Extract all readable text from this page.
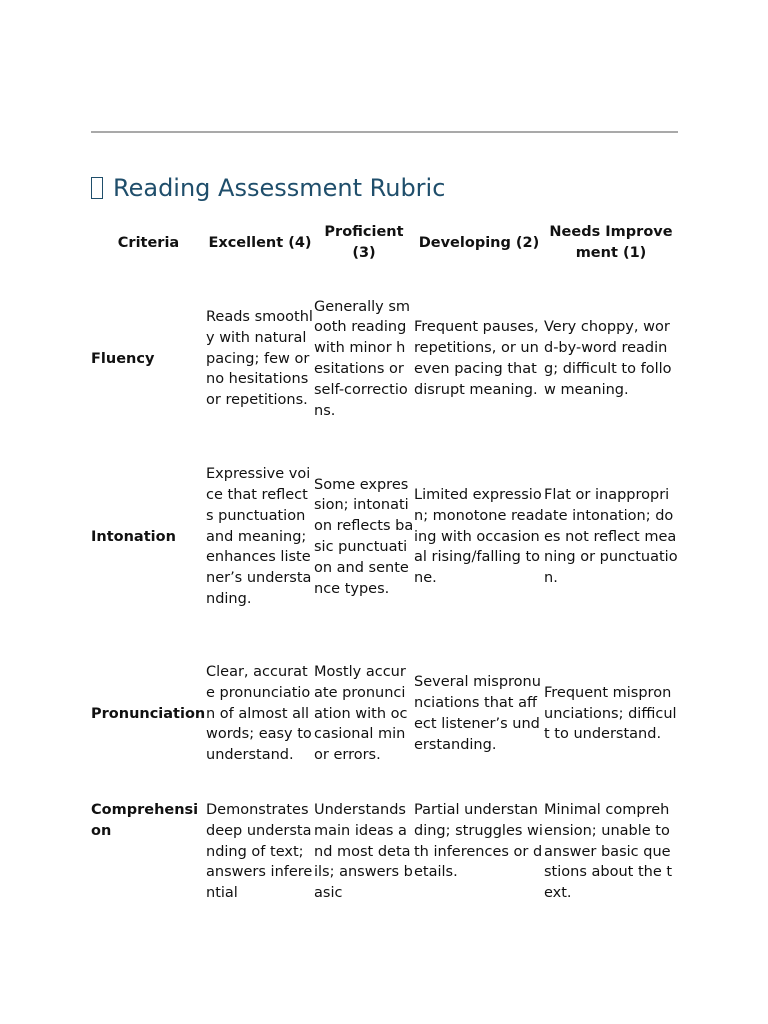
Reading Assessment Rubric
Criteria	Excellent (4)	Proficient (3)	Developing (2)	Needs Improvement (1)
Fluency	Reads smoothly with natural pacing; few or no hesitations or repetitions.	Generally smooth reading with minor hesitations or self-corrections.	Frequent pauses, repetitions, or uneven pacing that disrupt meaning.	Very choppy, word-by-word reading; difficult to follow meaning.
Intonation	Expressive voice that reflects punctuation and meaning; enhances listener’s understanding.	Some expression; intonation reflects basic punctuation and sentence types.	Limited expression; monotone reading with occasional rising/falling tone.	Flat or inappropriate intonation; does not reflect meaning or punctuation.
Pronunciation	Clear, accurate pronunciation of almost all words; easy to understand.	Mostly accurate pronunciation with occasional minor errors.	Several mispronunciations that affect listener’s understanding.	Frequent mispronunciations; difficult to understand.
Comprehension	Demonstrates deep understanding of text; answers inferential	Understands main ideas and most details; answers basic	Partial understanding; struggles with inferences or details.	Minimal comprehension; unable to answer basic questions about the text.
